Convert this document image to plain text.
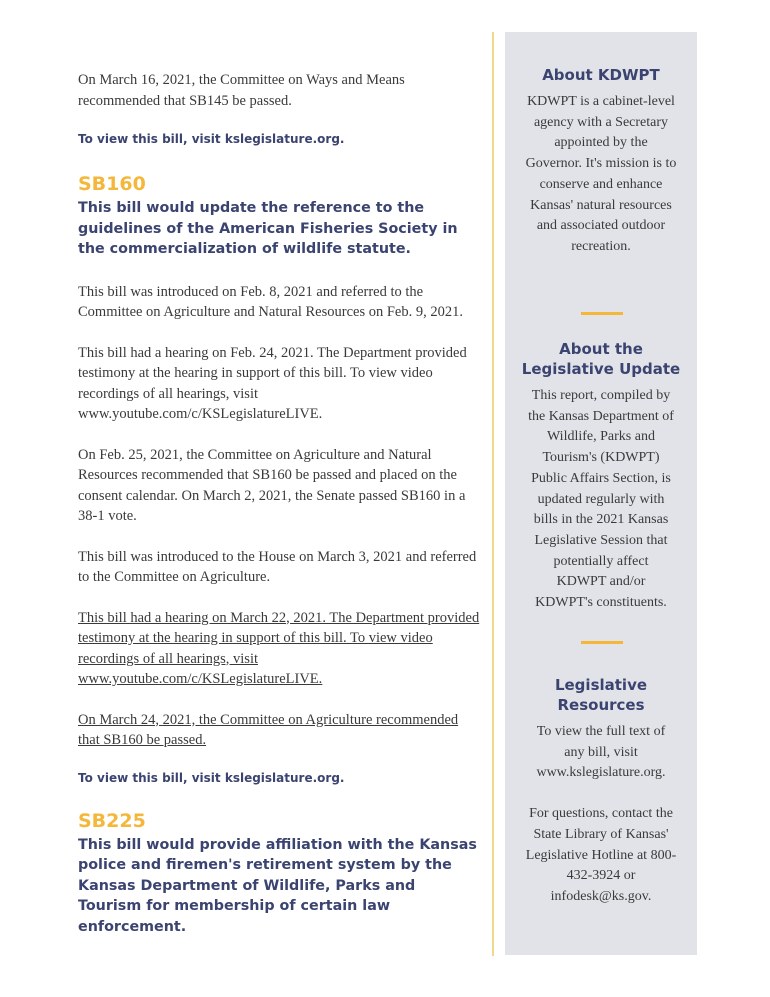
On March 16, 2021, the Committee on Ways and Means recommended that SB145 be passed.

To view this bill, visit kslegislature.org.

SB160

This bill would update the reference to the guidelines of the American Fisheries Society in the commercialization of wildlife statute.

This bill was introduced on Feb. 8, 2021 and referred to the Committee on Agriculture and Natural Resources on Feb. 9, 2021.

This bill had a hearing on Feb. 24, 2021. The Department provided testimony at the hearing in support of this bill. To view video recordings of all hearings, visit www.youtube.com/c/KSLegislatureLIVE.

On Feb. 25, 2021, the Committee on Agriculture and Natural Resources recommended that SB160 be passed and placed on the consent calendar. On March 2, 2021, the Senate passed SB160 in a 38-1 vote.

This bill was introduced to the House on March 3, 2021 and referred to the Committee on Agriculture.

This bill had a hearing on March 22, 2021. The Department provided testimony at the hearing in support of this bill. To view video recordings of all hearings, visit www.youtube.com/c/KSLegislatureLIVE.

On March 24, 2021, the Committee on Agriculture recommended that SB160 be passed.

To view this bill, visit kslegislature.org.

SB225

This bill would provide affiliation with the Kansas police and firemen's retirement system by the Kansas Department of Wildlife, Parks and Tourism for membership of certain law enforcement.

About KDWPT

KDWPT is a cabinet-level agency with a Secretary appointed by the Governor. It's mission is to conserve and enhance Kansas' natural resources and associated outdoor recreation.

About the Legislative Update

This report, compiled by the Kansas Department of Wildlife, Parks and Tourism's (KDWPT) Public Affairs Section, is updated regularly with bills in the 2021 Kansas Legislative Session that potentially affect KDWPT and/or KDWPT's constituents.

Legislative Resources

To view the full text of any bill, visit www.kslegislature.org.

For questions, contact the State Library of Kansas' Legislative Hotline at 800-432-3924 or infodesk@ks.gov.
